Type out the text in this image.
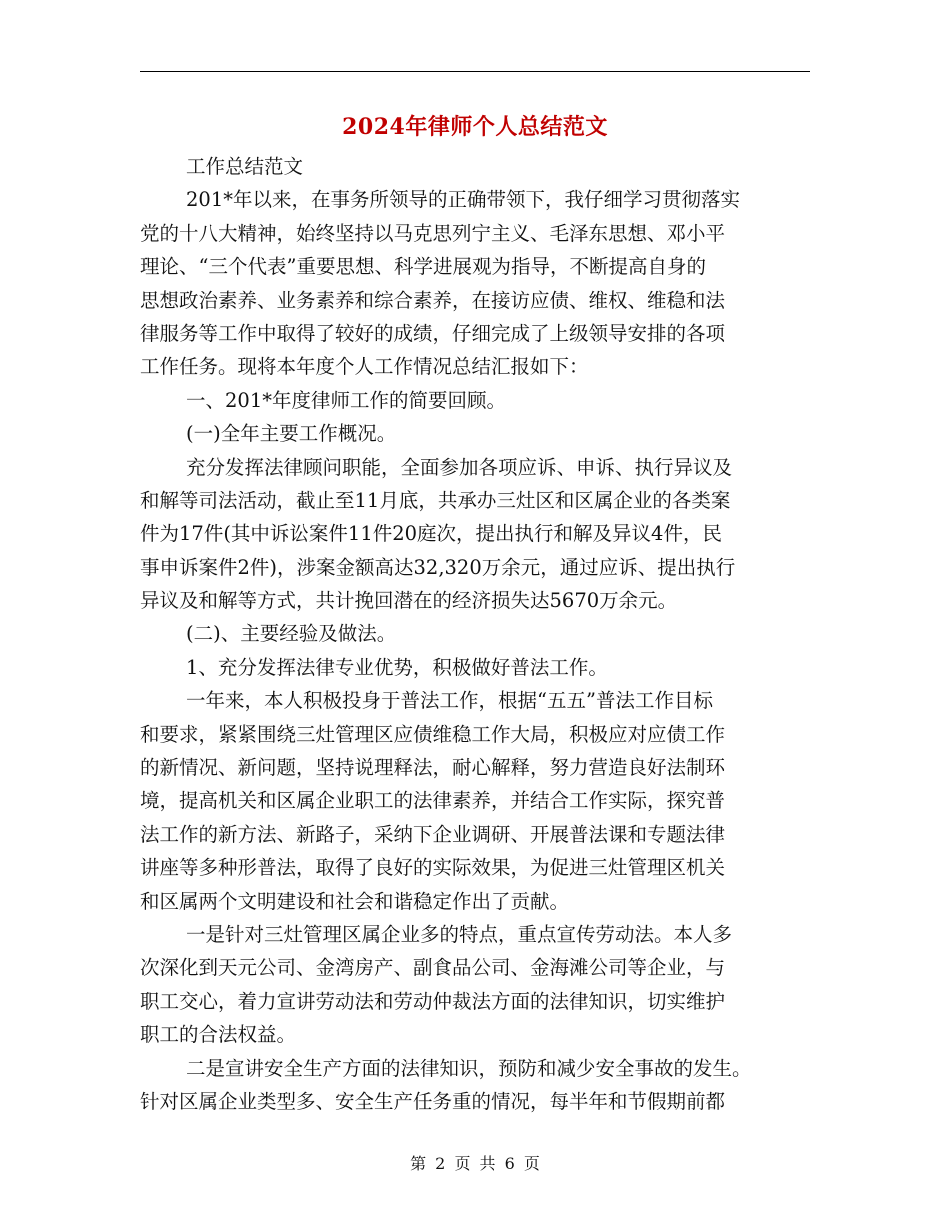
2024年律师个人总结范文
工作总结范文
201*年以来，在事务所领导的正确带领下，我仔细学习贯彻落实
党的十八大精神，始终坚持以马克思列宁主义、毛泽东思想、邓小平
理论、“三个代表”重要思想、科学进展观为指导，不断提高自身的
思想政治素养、业务素养和综合素养，在接访应债、维权、维稳和法
律服务等工作中取得了较好的成绩，仔细完成了上级领导安排的各项
工作任务。现将本年度个人工作情况总结汇报如下：
一、201*年度律师工作的简要回顾。
(一)全年主要工作概况。
充分发挥法律顾问职能，全面参加各项应诉、申诉、执行异议及
和解等司法活动，截止至11月底，共承办三灶区和区属企业的各类案
件为17件(其中诉讼案件11件20庭次，提出执行和解及异议4件，民
事申诉案件2件)，涉案金额高达32,320万余元，通过应诉、提出执行
异议及和解等方式，共计挽回潜在的经济损失达5670万余元。
(二)、主要经验及做法。
1、充分发挥法律专业优势，积极做好普法工作。
一年来，本人积极投身于普法工作，根据“五五”普法工作目标
和要求，紧紧围绕三灶管理区应债维稳工作大局，积极应对应债工作
的新情况、新问题，坚持说理释法，耐心解释，努力营造良好法制环
境，提高机关和区属企业职工的法律素养，并结合工作实际，探究普
法工作的新方法、新路子，采纳下企业调研、开展普法课和专题法律
讲座等多种形普法，取得了良好的实际效果，为促进三灶管理区机关
和区属两个文明建设和社会和谐稳定作出了贡献。
一是针对三灶管理区属企业多的特点，重点宣传劳动法。本人多
次深化到天元公司、金湾房产、副食品公司、金海滩公司等企业，与
职工交心，着力宣讲劳动法和劳动仲裁法方面的法律知识，切实维护
职工的合法权益。
二是宣讲安全生产方面的法律知识，预防和减少安全事故的发生。
针对区属企业类型多、安全生产任务重的情况，每半年和节假期前都
第 2 页 共 6 页
